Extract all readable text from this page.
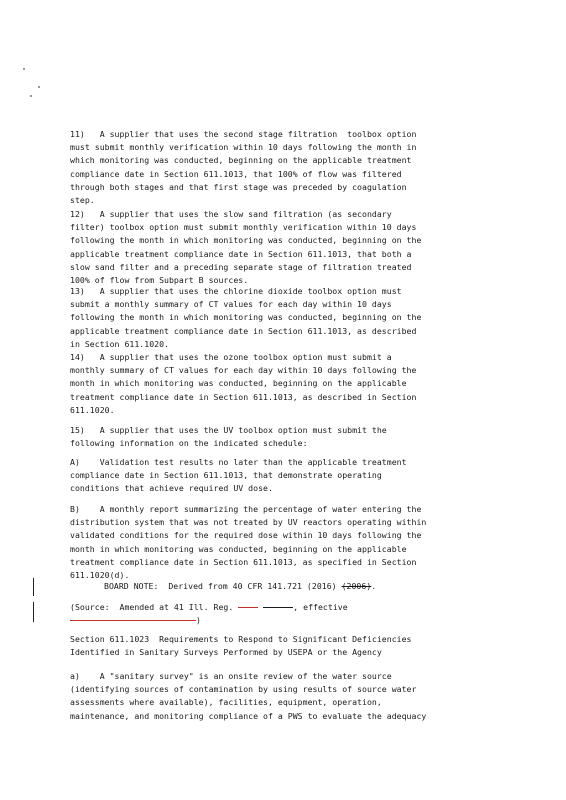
11)   A supplier that uses the second stage filtration  toolbox option
must submit monthly verification within 10 days following the month in
which monitoring was conducted, beginning on the applicable treatment
compliance date in Section 611.1013, that 100% of flow was filtered
through both stages and that first stage was preceded by coagulation
step.
12)   A supplier that uses the slow sand filtration (as secondary
filter) toolbox option must submit monthly verification within 10 days
following the month in which monitoring was conducted, beginning on the
applicable treatment compliance date in Section 611.1013, that both a
slow sand filter and a preceding separate stage of filtration treated
100% of flow from Subpart B sources.
13)   A supplier that uses the chlorine dioxide toolbox option must
submit a monthly summary of CT values for each day within 10 days
following the month in which monitoring was conducted, beginning on the
applicable treatment compliance date in Section 611.1013, as described
in Section 611.1020.
14)   A supplier that uses the ozone toolbox option must submit a
monthly summary of CT values for each day within 10 days following the
month in which monitoring was conducted, beginning on the applicable
treatment compliance date in Section 611.1013, as described in Section
611.1020.
15)   A supplier that uses the UV toolbox option must submit the
following information on the indicated schedule:
A)    Validation test results no later than the applicable treatment
compliance date in Section 611.1013, that demonstrate operating
conditions that achieve required UV dose.
B)    A monthly report summarizing the percentage of water entering the
distribution system that was not treated by UV reactors operating within
validated conditions for the required dose within 10 days following the
month in which monitoring was conducted, beginning on the applicable
treatment compliance date in Section 611.1013, as specified in Section
611.1020(d).
BOARD NOTE:  Derived from 40 CFR 141.721 (2016) (2006).
(Source:  Amended at 41 Ill. Reg.	, effective
)
Section 611.1023  Requirements to Respond to Significant Deficiencies
Identified in Sanitary Surveys Performed by USEPA or the Agency
a)    A "sanitary survey" is an onsite review of the water source
(identifying sources of contamination by using results of source water
assessments where available), facilities, equipment, operation,
maintenance, and monitoring compliance of a PWS to evaluate the adequacy
